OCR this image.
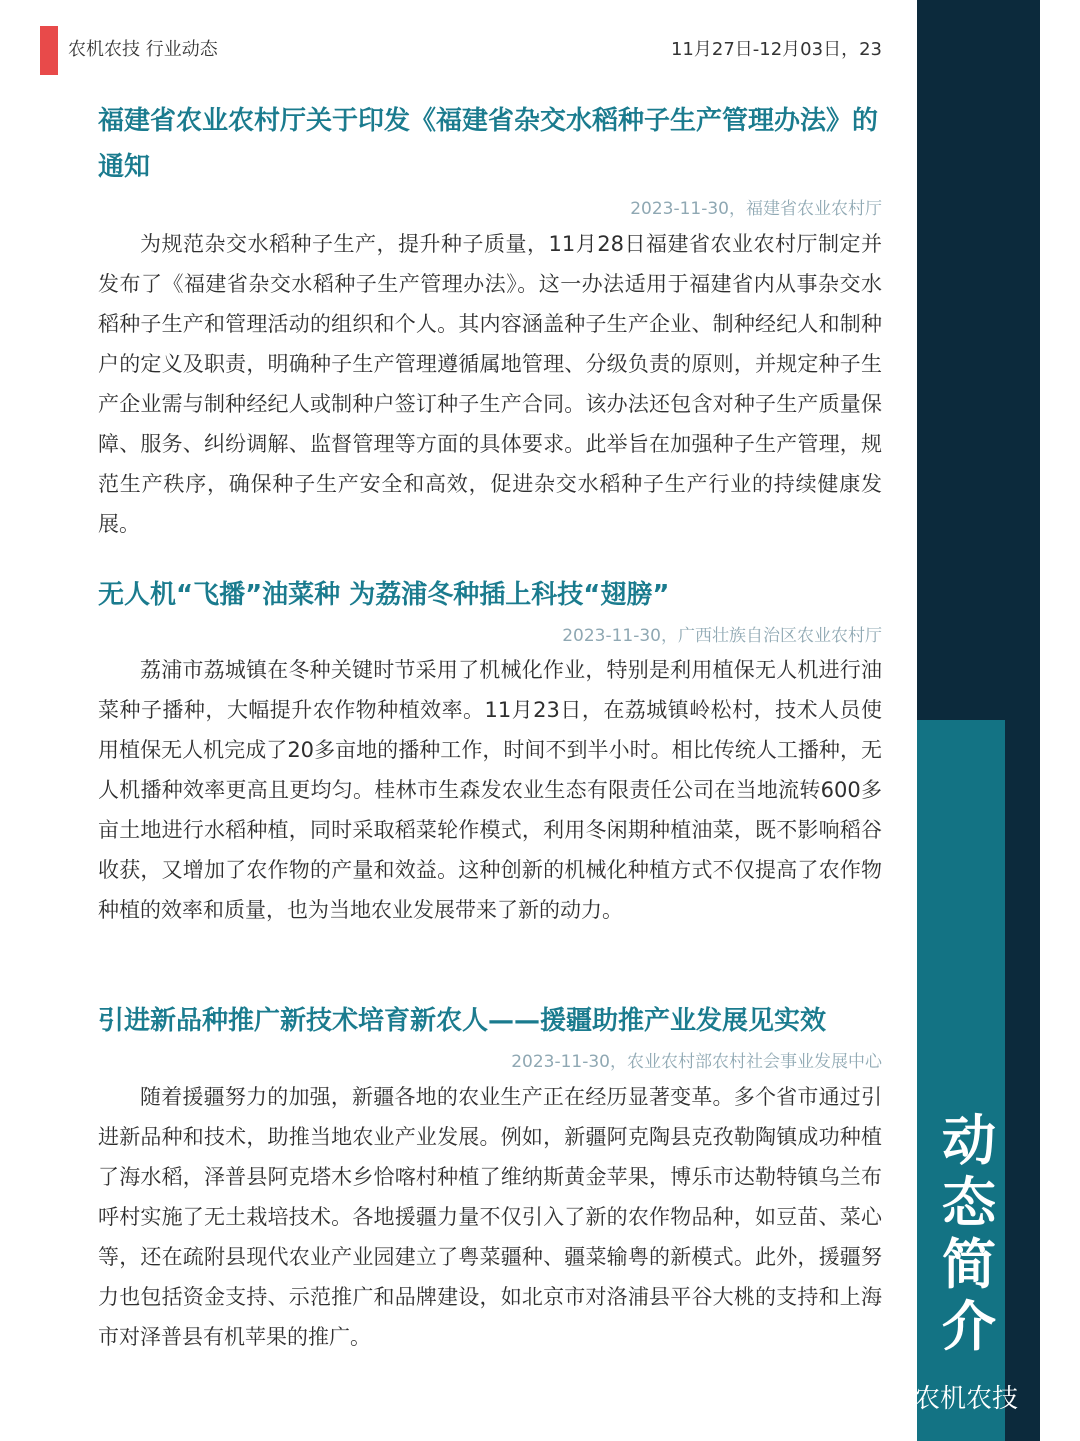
农机农技 行业动态	11月27日-12月03日，23
动
态
简
介
农机农技
福建省农业农村厅关于印发《福建省杂交水稻种子生产管理办法》的通知
2023-11-30，福建省农业农村厅

为规范杂交水稻种子生产，提升种子质量，11月28日福建省农业农村厅制定并发布了《福建省杂交水稻种子生产管理办法》。这一办法适用于福建省内从事杂交水稻种子生产和管理活动的组织和个人。其内容涵盖种子生产企业、制种经纪人和制种户的定义及职责，明确种子生产管理遵循属地管理、分级负责的原则，并规定种子生产企业需与制种经纪人或制种户签订种子生产合同。该办法还包含对种子生产质量保障、服务、纠纷调解、监督管理等方面的具体要求。此举旨在加强种子生产管理，规范生产秩序，确保种子生产安全和高效，促进杂交水稻种子生产行业的持续健康发展。

无人机“飞播”油菜种 为荔浦冬种插上科技“翅膀”
2023-11-30，广西壮族自治区农业农村厅

荔浦市荔城镇在冬种关键时节采用了机械化作业，特别是利用植保无人机进行油菜种子播种，大幅提升农作物种植效率。11月23日，在荔城镇岭松村，技术人员使用植保无人机完成了20多亩地的播种工作，时间不到半小时。相比传统人工播种，无人机播种效率更高且更均匀。桂林市生森发农业生态有限责任公司在当地流转600多亩土地进行水稻种植，同时采取稻菜轮作模式，利用冬闲期种植油菜，既不影响稻谷收获，又增加了农作物的产量和效益。这种创新的机械化种植方式不仅提高了农作物种植的效率和质量，也为当地农业发展带来了新的动力。

引进新品种推广新技术培育新农人——援疆助推产业发展见实效
2023-11-30，农业农村部农村社会事业发展中心

随着援疆努力的加强，新疆各地的农业生产正在经历显著变革。多个省市通过引进新品种和技术，助推当地农业产业发展。例如，新疆阿克陶县克孜勒陶镇成功种植了海水稻，泽普县阿克塔木乡恰喀村种植了维纳斯黄金苹果，博乐市达勒特镇乌兰布呼村实施了无土栽培技术。各地援疆力量不仅引入了新的农作物品种，如豆苗、菜心等，还在疏附县现代农业产业园建立了粤菜疆种、疆菜输粤的新模式。此外，援疆努力也包括资金支持、示范推广和品牌建设，如北京市对洛浦县平谷大桃的支持和上海市对泽普县有机苹果的推广。
